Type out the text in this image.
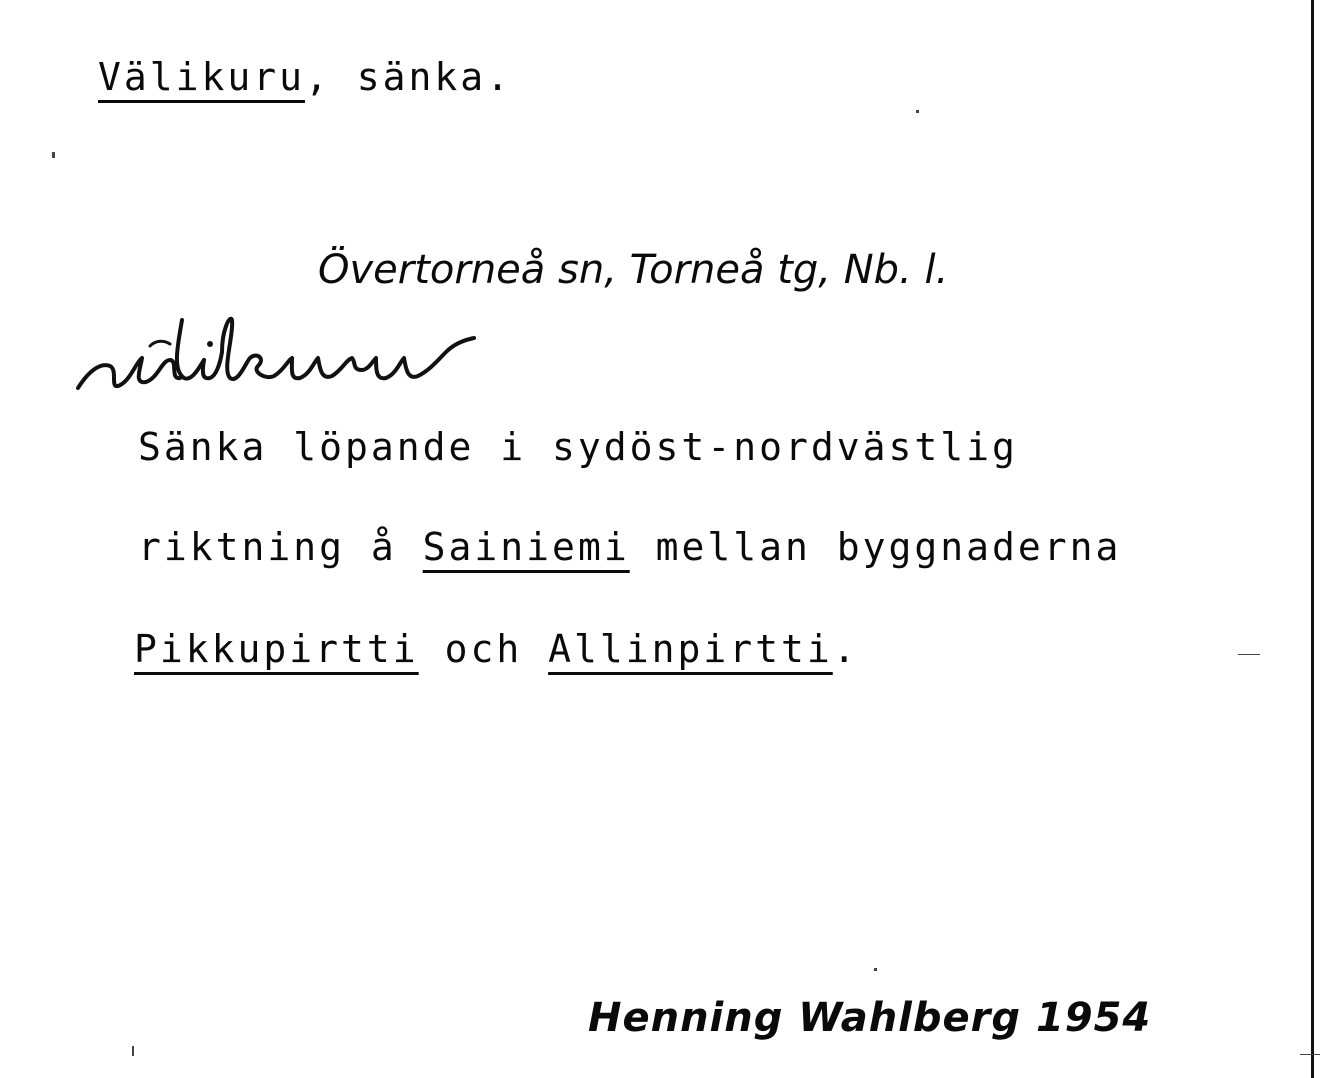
Välikuru, sänka.
Övertorneå sn, Torneå tg, Nb. l.
Sänka löpande i sydöst-nordvästlig
riktning å Sainiemi mellan byggnaderna
Pikkupirtti och Allinpirtti.
Henning Wahlberg 1954
